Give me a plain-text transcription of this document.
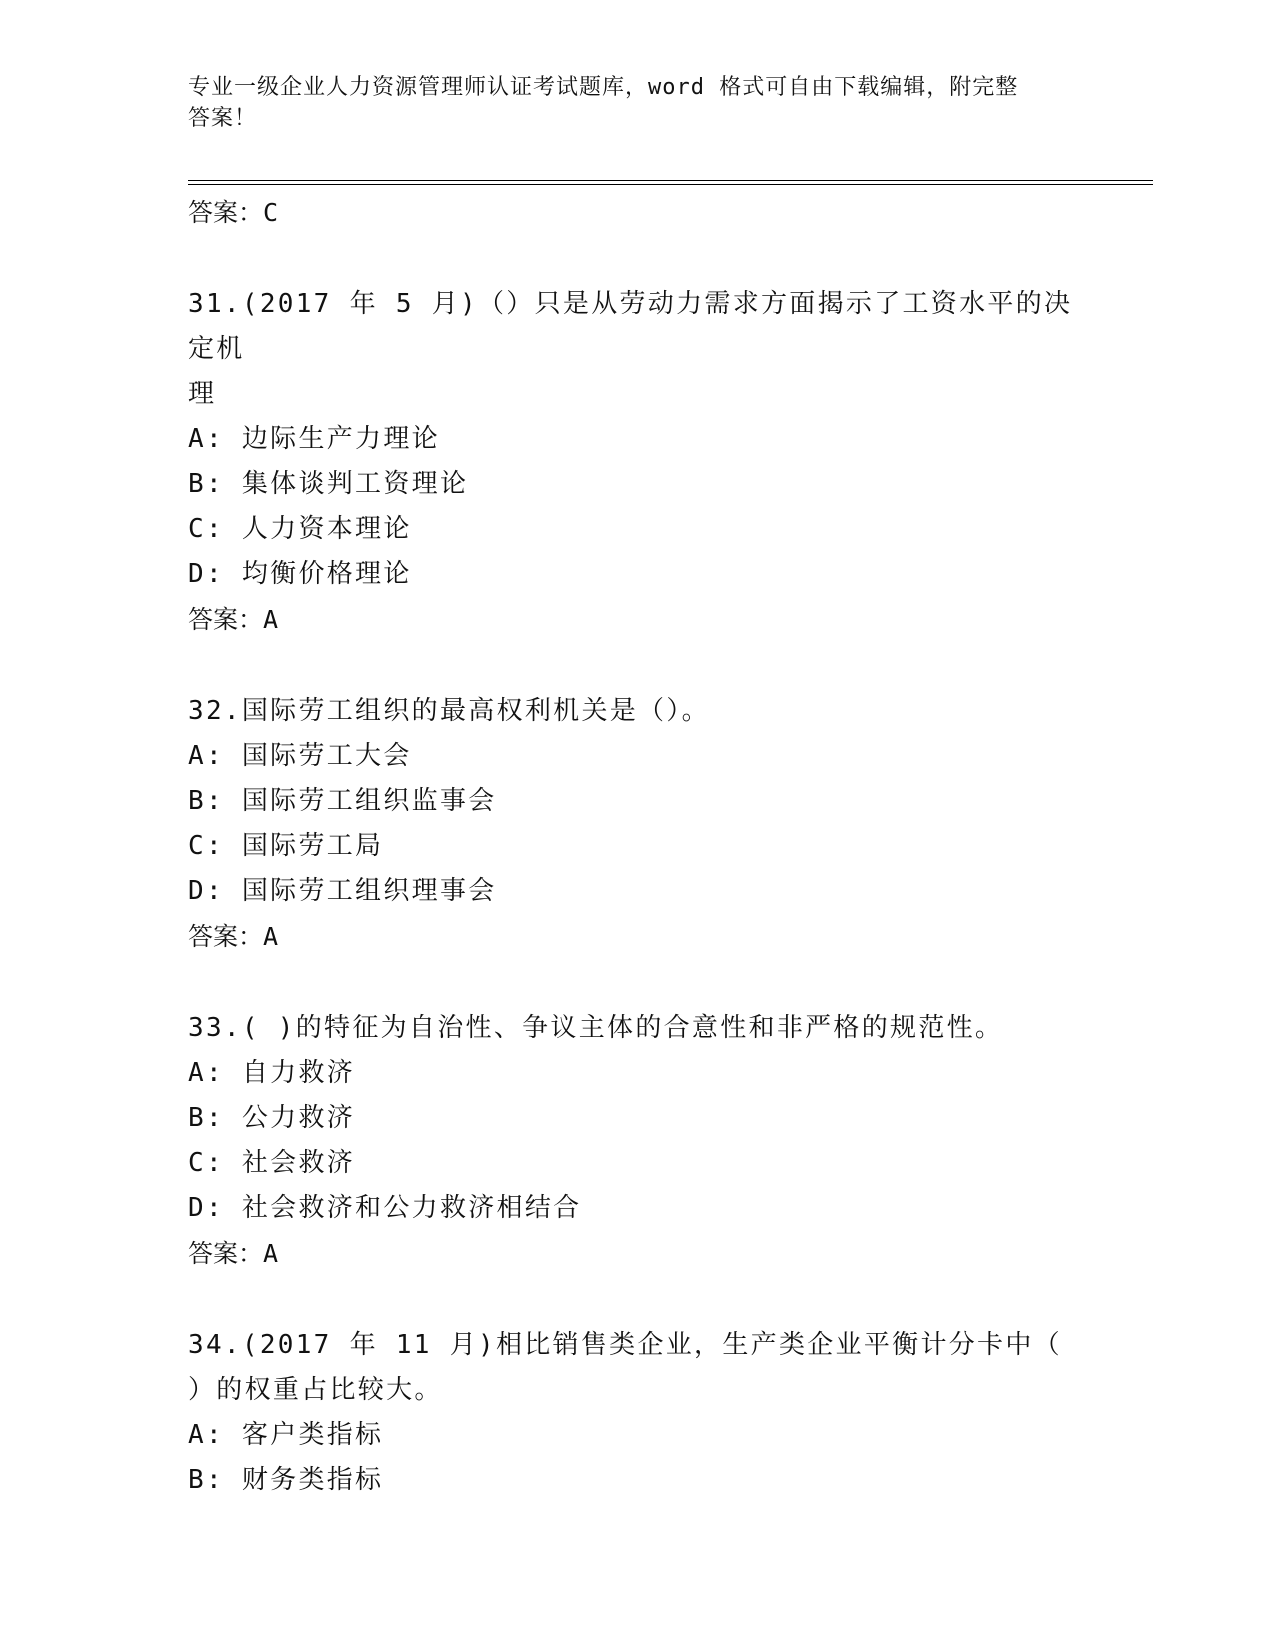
专业一级企业人力资源管理师认证考试题库，word 格式可自由下载编辑，附完整
答案！
答案：C
31.(2017 年 5 月)（）只是从劳动力需求方面揭示了工资水平的决定机
理
A: 边际生产力理论
B: 集体谈判工资理论
C: 人力资本理论
D: 均衡价格理论
答案：A
32.国际劳工组织的最高权利机关是（）。
A: 国际劳工大会
B: 国际劳工组织监事会
C: 国际劳工局
D: 国际劳工组织理事会
答案：A
33.( )的特征为自治性、争议主体的合意性和非严格的规范性。
A: 自力救济
B: 公力救济
C: 社会救济
D: 社会救济和公力救济相结合
答案：A
34.(2017 年 11 月)相比销售类企业，生产类企业平衡计分卡中（
）的权重占比较大。
A: 客户类指标
B: 财务类指标
